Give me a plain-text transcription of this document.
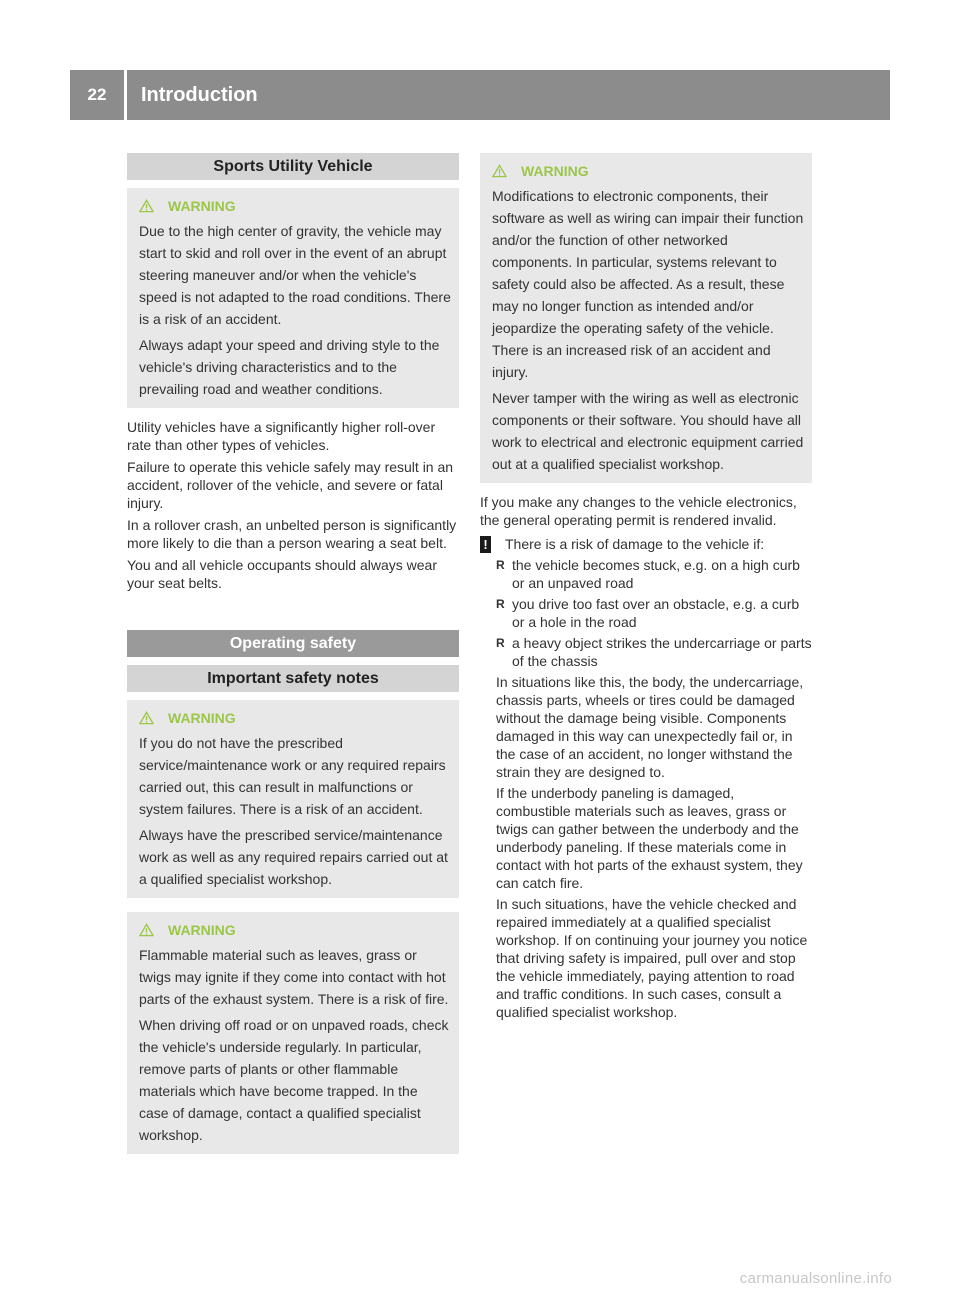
22	Introduction
Sports Utility Vehicle
WARNING

Due to the high center of gravity, the vehicle may start to skid and roll over in the event of an abrupt steering maneuver and/or when the vehicle's speed is not adapted to the road conditions. There is a risk of an accident.

Always adapt your speed and driving style to the vehicle's driving characteristics and to the prevailing road and weather conditions.

Utility vehicles have a significantly higher roll-over rate than other types of vehicles.

Failure to operate this vehicle safely may result in an accident, rollover of the vehicle, and severe or fatal injury.

In a rollover crash, an unbelted person is significantly more likely to die than a person wearing a seat belt.

You and all vehicle occupants should always wear your seat belts.

Operating safety
Important safety notes
WARNING

If you do not have the prescribed service/maintenance work or any required repairs carried out, this can result in malfunctions or system failures. There is a risk of an accident.

Always have the prescribed service/maintenance work as well as any required repairs carried out at a qualified specialist workshop.

WARNING

Flammable material such as leaves, grass or twigs may ignite if they come into contact with hot parts of the exhaust system. There is a risk of fire.

When driving off road or on unpaved roads, check the vehicle's underside regularly. In particular, remove parts of plants or other flammable materials which have become trapped. In the case of damage, contact a qualified specialist workshop.

WARNING

Modifications to electronic components, their software as well as wiring can impair their function and/or the function of other networked components. In particular, systems relevant to safety could also be affected. As a result, these may no longer function as intended and/or jeopardize the operating safety of the vehicle. There is an increased risk of an accident and injury.

Never tamper with the wiring as well as electronic components or their software. You should have all work to electrical and electronic equipment carried out at a qualified specialist workshop.

If you make any changes to the vehicle electronics, the general operating permit is rendered invalid.

! There is a risk of damage to the vehicle if:
R the vehicle becomes stuck, e.g. on a high curb or an unpaved road
R you drive too fast over an obstacle, e.g. a curb or a hole in the road
R a heavy object strikes the undercarriage or parts of the chassis

In situations like this, the body, the undercarriage, chassis parts, wheels or tires could be damaged without the damage being visible. Components damaged in this way can unexpectedly fail or, in the case of an accident, no longer withstand the strain they are designed to.

If the underbody paneling is damaged, combustible materials such as leaves, grass or twigs can gather between the underbody and the underbody paneling. If these materials come in contact with hot parts of the exhaust system, they can catch fire.

In such situations, have the vehicle checked and repaired immediately at a qualified specialist workshop. If on continuing your journey you notice that driving safety is impaired, pull over and stop the vehicle immediately, paying attention to road and traffic conditions. In such cases, consult a qualified specialist workshop.

carmanualsonline.info
